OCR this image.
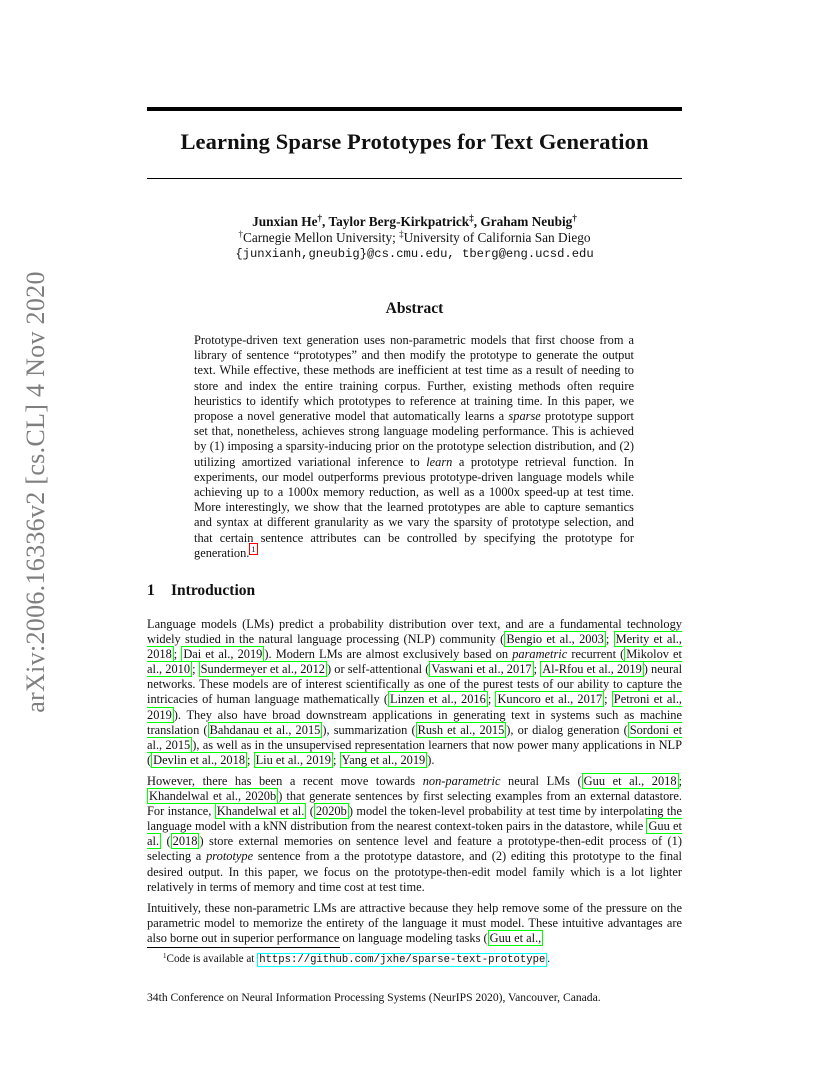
arXiv:2006.16336v2 [cs.CL] 4 Nov 2020
Learning Sparse Prototypes for Text Generation
Junxian He†, Taylor Berg-Kirkpatrick‡, Graham Neubig†
†Carnegie Mellon University; ‡University of California San Diego
{junxianh,gneubig}@cs.cmu.edu, tberg@eng.ucsd.edu
Abstract

Prototype-driven text generation uses non-parametric models that first choose from a library of sentence “prototypes” and then modify the prototype to generate the output text. While effective, these methods are inefficient at test time as a result of needing to store and index the entire training corpus. Further, existing methods often require heuristics to identify which prototypes to reference at training time. In this paper, we propose a novel generative model that automatically learns a sparse prototype support set that, nonetheless, achieves strong language modeling performance. This is achieved by (1) imposing a sparsity-inducing prior on the prototype selection distribution, and (2) utilizing amortized variational inference to learn a prototype retrieval function. In experiments, our model outperforms previous prototype-driven language models while achieving up to a 1000x memory reduction, as well as a 1000x speed-up at test time. More interestingly, we show that the learned prototypes are able to capture semantics and syntax at different granularity as we vary the sparsity of prototype selection, and that certain sentence attributes can be controlled by specifying the prototype for generation. $^1$

1 Introduction

Language models (LMs) predict a probability distribution over text, and are a fundamental technology widely studied in the natural language processing (NLP) community ( Bengio et al., 2003 ; Merity et al., 2018 ; Dai et al., 2019 ). Modern LMs are almost exclusively based on parametric recurrent ( Mikolov et al., 2010 ; Sundermeyer et al., 2012 ) or self-attentional ( Vaswani et al., 2017 ; Al-Rfou et al., 2019 ) neural networks. These models are of interest scientifically as one of the purest tests of our ability to capture the intricacies of human language mathematically ( Linzen et al., 2016 ; Kuncoro et al., 2017 ; Petroni et al., 2019 ). They also have broad downstream applications in generating text in systems such as machine translation ( Bahdanau et al., 2015 ), summarization ( Rush et al., 2015 ), or dialog generation ( Sordoni et al., 2015 ), as well as in the unsupervised representation learners that now power many applications in NLP ( Devlin et al., 2018 ; Liu et al., 2019 ; Yang et al., 2019 ).

However, there has been a recent move towards non-parametric neural LMs ( Guu et al., 2018 ; Khandelwal et al., 2020b ) that generate sentences by first selecting examples from an external datastore. For instance, Khandelwal et al. ( 2020b ) model the token-level probability at test time by interpolating the language model with a kNN distribution from the nearest context-token pairs in the datastore, while Guu et al. ( 2018 ) store external memories on sentence level and feature a prototype-then-edit process of (1) selecting a prototype sentence from a the prototype datastore, and (2) editing this prototype to the final desired output. In this paper, we focus on the prototype-then-edit model family which is a lot lighter relatively in terms of memory and time cost at test time.

Intuitively, these non-parametric LMs are attractive because they help remove some of the pressure on the parametric model to memorize the entirety of the language it must model. These intuitive advantages are also borne out in superior performance on language modeling tasks ( Guu et al.,

$^1$Code is available at https://github.com/jxhe/sparse-text-prototype .
34th Conference on Neural Information Processing Systems (NeurIPS 2020), Vancouver, Canada.
